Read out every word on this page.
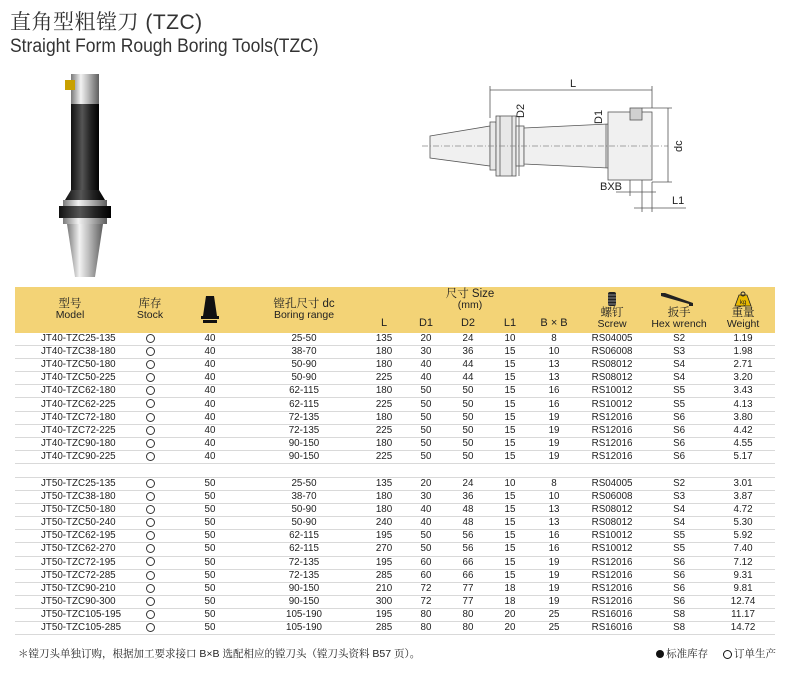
直角型粗镗刀 (TZC)
Straight Form Rough Boring Tools(TZC)
L
D2	D1
dc
BXB
L1
型号
Model	库存
Stock		镗孔尺寸 dc
Boring range	尺寸 Size
(mm)					螺钉
Screw	扳手
Hex wrench	kg
重量
Weight

				L	D1	D2	L1	B × B			
JT40-TZC25-135		40	25-50	135	20	24	10	8	RS04005	S2	1.19
JT40-TZC38-180		40	38-70	180	30	36	15	10	RS06008	S3	1.98
JT40-TZC50-180		40	50-90	180	40	44	15	13	RS08012	S4	2.71
JT40-TZC50-225		40	50-90	225	40	44	15	13	RS08012	S4	3.20
JT40-TZC62-180		40	62-115	180	50	50	15	16	RS10012	S5	3.43
JT40-TZC62-225		40	62-115	225	50	50	15	16	RS10012	S5	4.13
JT40-TZC72-180		40	72-135	180	50	50	15	19	RS12016	S6	3.80
JT40-TZC72-225		40	72-135	225	50	50	15	19	RS12016	S6	4.42
JT40-TZC90-180		40	90-150	180	50	50	15	19	RS12016	S6	4.55
JT40-TZC90-225		40	90-150	225	50	50	15	19	RS12016	S6	5.17

JT50-TZC25-135		50	25-50	135	20	24	10	8	RS04005	S2	3.01
JT50-TZC38-180		50	38-70	180	30	36	15	10	RS06008	S3	3.87
JT50-TZC50-180		50	50-90	180	40	48	15	13	RS08012	S4	4.72
JT50-TZC50-240		50	50-90	240	40	48	15	13	RS08012	S4	5.30
JT50-TZC62-195		50	62-115	195	50	56	15	16	RS10012	S5	5.92
JT50-TZC62-270		50	62-115	270	50	56	15	16	RS10012	S5	7.40
JT50-TZC72-195		50	72-135	195	60	66	15	19	RS12016	S6	7.12
JT50-TZC72-285		50	72-135	285	60	66	15	19	RS12016	S6	9.31
JT50-TZC90-210		50	90-150	210	72	77	18	19	RS12016	S6	9.81
JT50-TZC90-300		50	90-150	300	72	77	18	19	RS12016	S6	12.74
JT50-TZC105-195		50	105-190	195	80	80	20	25	RS16016	S8	11.17
JT50-TZC105-285		50	105-190	285	80	80	20	25	RS16016	S8	14.72
＊镗刀头单独订购，根据加工要求接口 B×B 选配相应的镗刀头（镗刀头资料 B57 页）。	标准库存 订单生产
